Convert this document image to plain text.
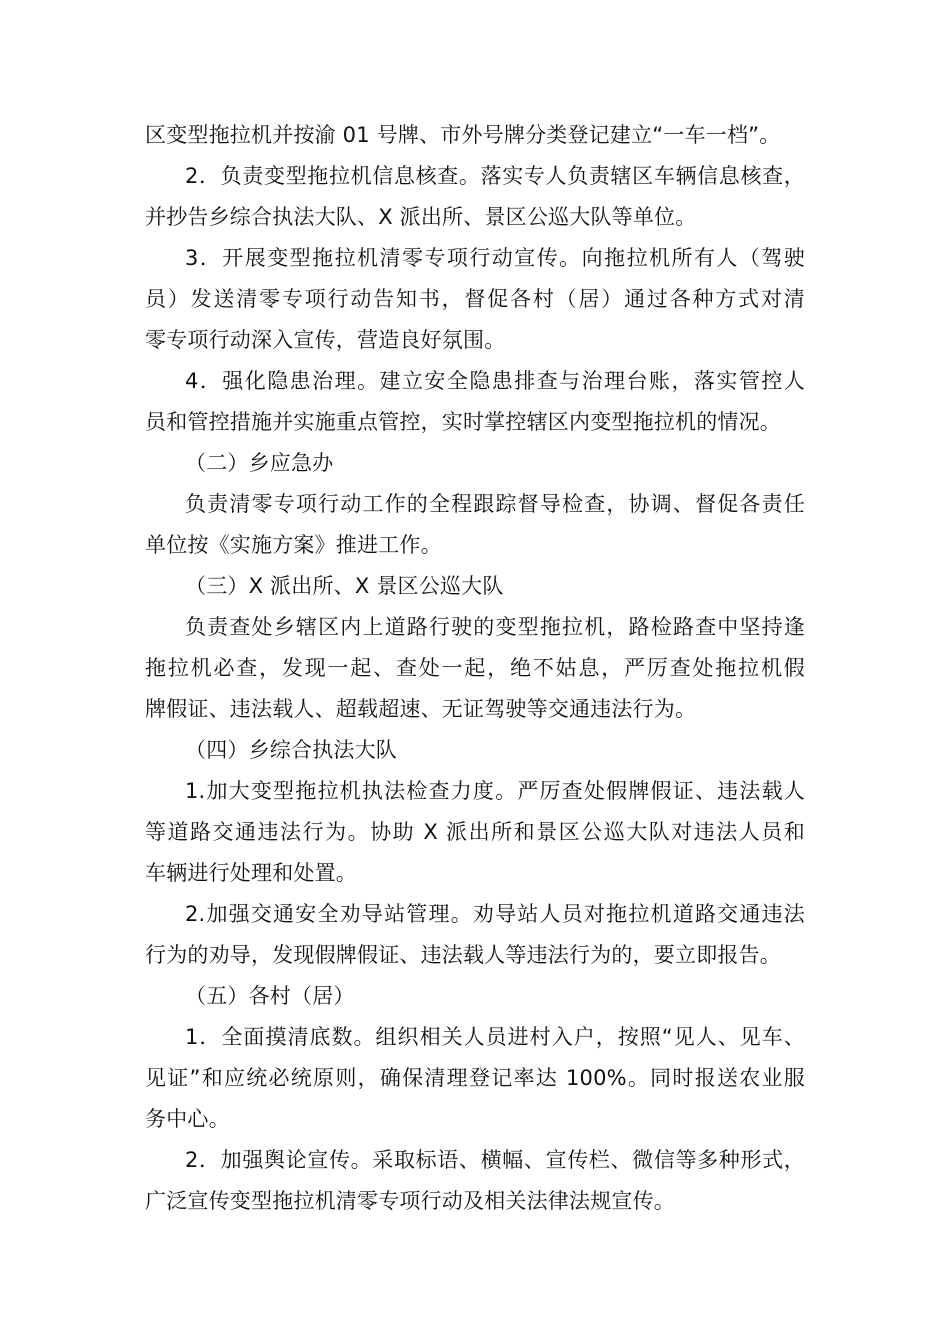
区变型拖拉机并按渝 01 号牌、市外号牌分类登记建立“一车一档”。
2．负责变型拖拉机信息核查。落实专人负责辖区车辆信息核查，
并抄告乡综合执法大队、X 派出所、景区公巡大队等单位。
3．开展变型拖拉机清零专项行动宣传。向拖拉机所有人（驾驶
员）发送清零专项行动告知书，督促各村（居）通过各种方式对清
零专项行动深入宣传，营造良好氛围。
4．强化隐患治理。建立安全隐患排查与治理台账，落实管控人
员和管控措施并实施重点管控，实时掌控辖区内变型拖拉机的情况。
（二）乡应急办
负责清零专项行动工作的全程跟踪督导检查，协调、督促各责任
单位按《实施方案》推进工作。
（三）X 派出所、X 景区公巡大队
负责查处乡辖区内上道路行驶的变型拖拉机，路检路查中坚持逢
拖拉机必查，发现一起、查处一起，绝不姑息，严厉查处拖拉机假
牌假证、违法载人、超载超速、无证驾驶等交通违法行为。
（四）乡综合执法大队
1.加大变型拖拉机执法检查力度。严厉查处假牌假证、违法载人
等道路交通违法行为。协助 X 派出所和景区公巡大队对违法人员和
车辆进行处理和处置。
2.加强交通安全劝导站管理。劝导站人员对拖拉机道路交通违法
行为的劝导，发现假牌假证、违法载人等违法行为的，要立即报告。
（五）各村（居）
1．全面摸清底数。组织相关人员进村入户，按照“见人、见车、
见证”和应统必统原则，确保清理登记率达 100%。同时报送农业服
务中心。
2．加强舆论宣传。采取标语、横幅、宣传栏、微信等多种形式，
广泛宣传变型拖拉机清零专项行动及相关法律法规宣传。
